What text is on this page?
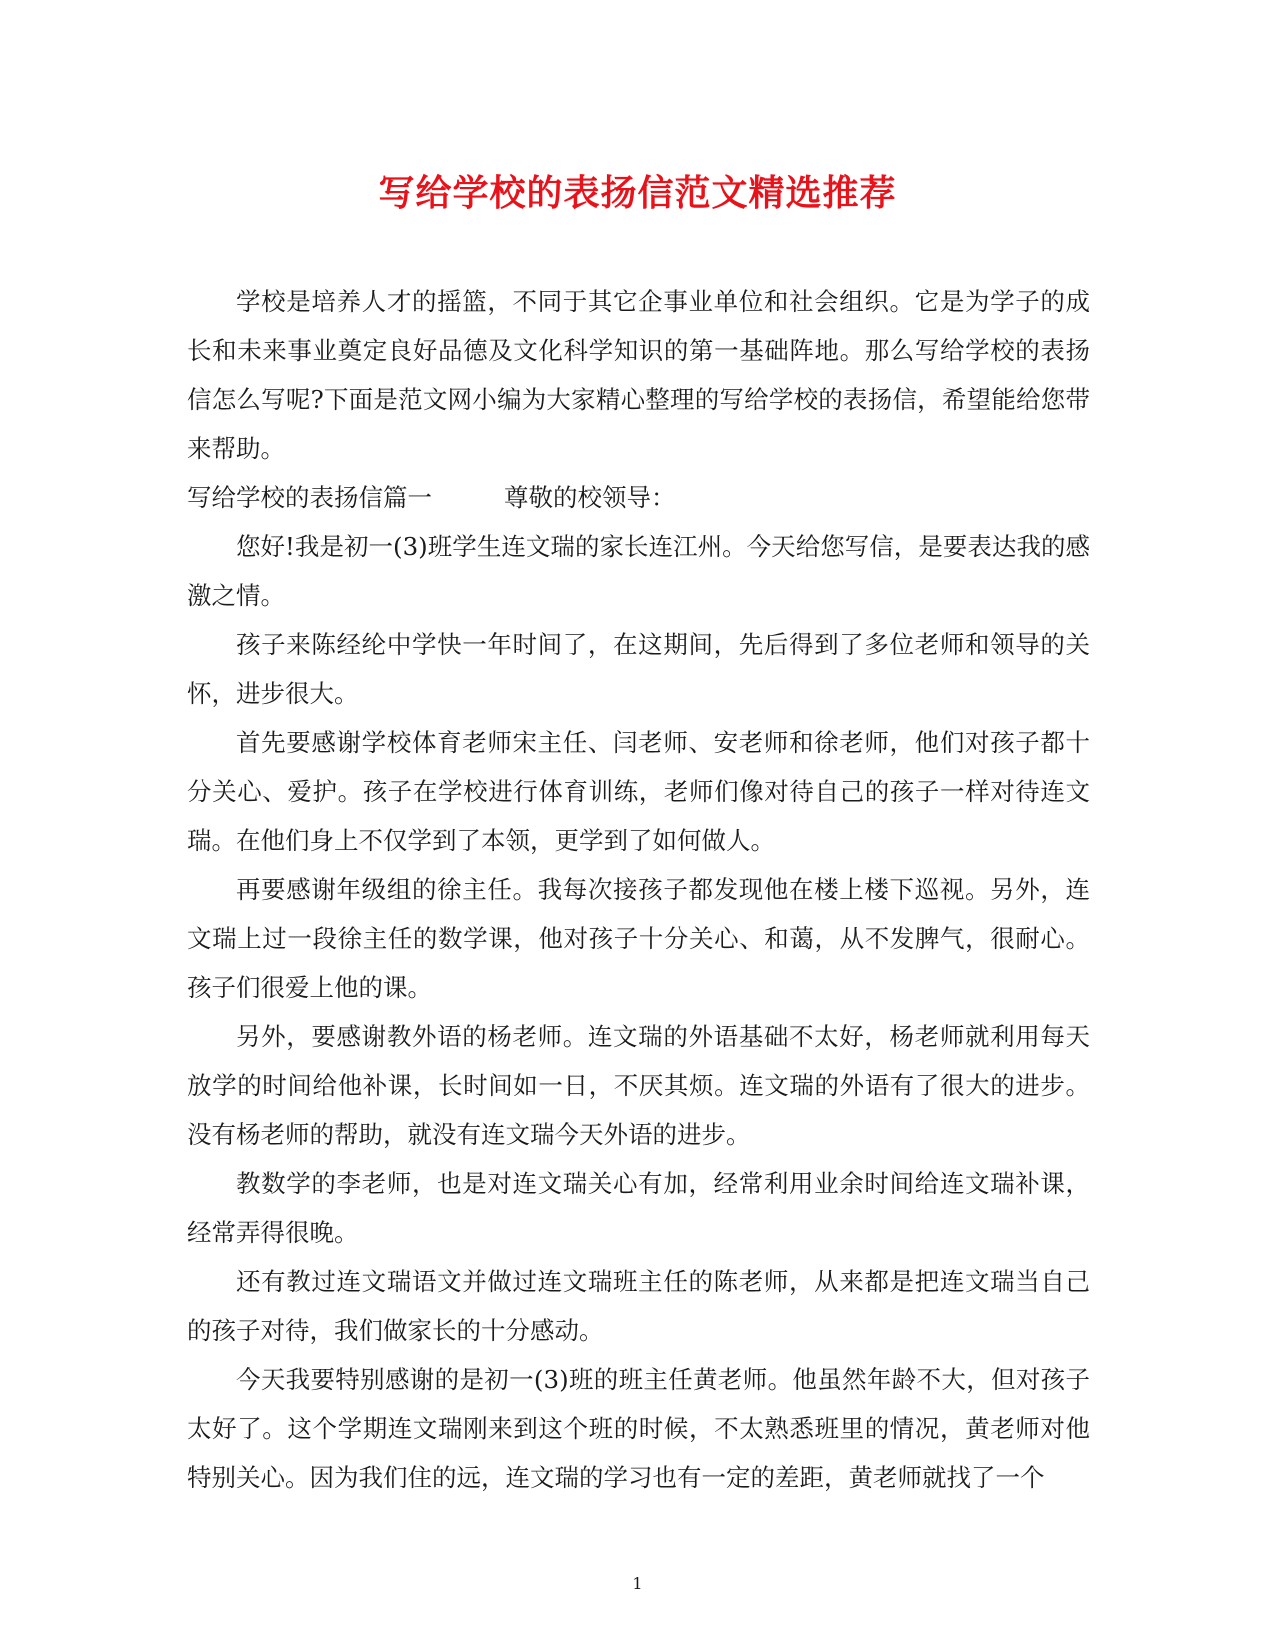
写给学校的表扬信范文精选推荐

学校是培养人才的摇篮，不同于其它企事业单位和社会组织。它是为学子的成长和未来事业奠定良好品德及文化科学知识的第一基础阵地。那么写给学校的表扬信怎么写呢?下面是范文网小编为大家精心整理的写给学校的表扬信，希望能给您带来帮助。

写给学校的表扬信篇一	尊敬的校领导：

您好!我是初一(3)班学生连文瑞的家长连江州。今天给您写信，是要表达我的感激之情。

孩子来陈经纶中学快一年时间了，在这期间，先后得到了多位老师和领导的关怀，进步很大。

首先要感谢学校体育老师宋主任、闫老师、安老师和徐老师，他们对孩子都十分关心、爱护。孩子在学校进行体育训练，老师们像对待自己的孩子一样对待连文瑞。在他们身上不仅学到了本领，更学到了如何做人。

再要感谢年级组的徐主任。我每次接孩子都发现他在楼上楼下巡视。另外，连文瑞上过一段徐主任的数学课，他对孩子十分关心、和蔼，从不发脾气，很耐心。孩子们很爱上他的课。

另外，要感谢教外语的杨老师。连文瑞的外语基础不太好，杨老师就利用每天放学的时间给他补课，长时间如一日，不厌其烦。连文瑞的外语有了很大的进步。没有杨老师的帮助，就没有连文瑞今天外语的进步。

教数学的李老师，也是对连文瑞关心有加，经常利用业余时间给连文瑞补课，经常弄得很晚。

还有教过连文瑞语文并做过连文瑞班主任的陈老师，从来都是把连文瑞当自己的孩子对待，我们做家长的十分感动。

今天我要特别感谢的是初一(3)班的班主任黄老师。他虽然年龄不大，但对孩子太好了。这个学期连文瑞刚来到这个班的时候，不太熟悉班里的情况，黄老师对他特别关心。因为我们住的远，连文瑞的学习也有一定的差距，黄老师就找了一个

1
